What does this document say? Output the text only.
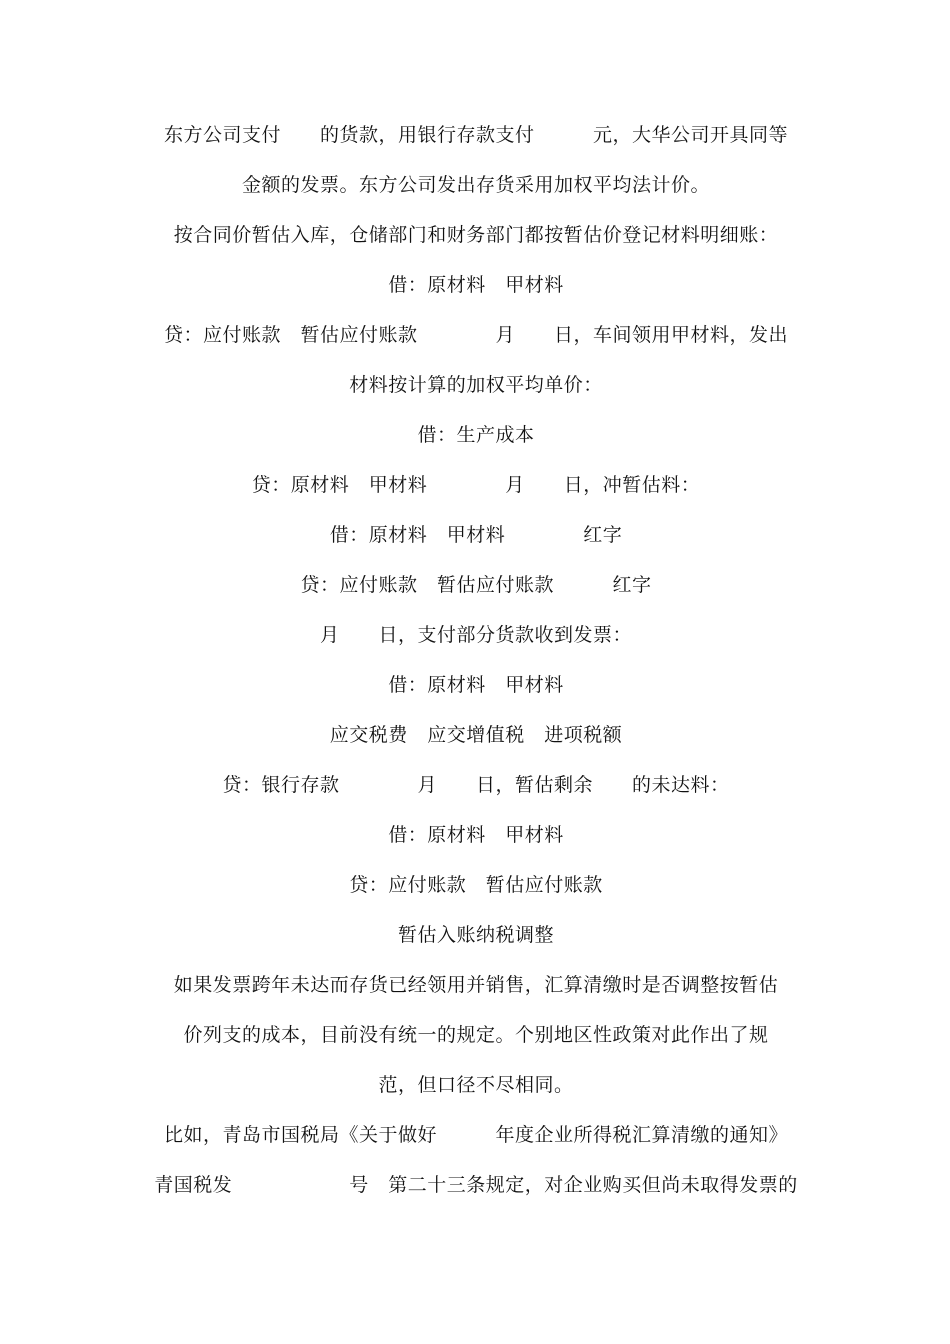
东方公司支付　　的货款，用银行存款支付　　　元，大华公司开具同等
金额的发票。东方公司发出存货采用加权平均法计价。
按合同价暂估入库，仓储部门和财务部门都按暂估价登记材料明细账：
借：原材料　甲材料
贷：应付账款　暂估应付账款　　　　月　　日，车间领用甲材料，发出
材料按计算的加权平均单价：
借：生产成本
贷：原材料　甲材料　　　　月　　日，冲暂估料：
借：原材料　甲材料　　　　红字
贷：应付账款　暂估应付账款　　　红字
月　　日，支付部分货款收到发票：
借：原材料　甲材料
应交税费　应交增值税　进项税额
贷：银行存款　　　　月　　日，暂估剩余　　的未达料：
借：原材料　甲材料
贷：应付账款　暂估应付账款
暂估入账纳税调整
如果发票跨年未达而存货已经领用并销售，汇算清缴时是否调整按暂估
价列支的成本，目前没有统一的规定。个别地区性政策对此作出了规
范，但口径不尽相同。
比如，青岛市国税局《关于做好　　　年度企业所得税汇算清缴的通知》
青国税发　　　　　　号　第二十三条规定，对企业购买但尚未取得发票的
